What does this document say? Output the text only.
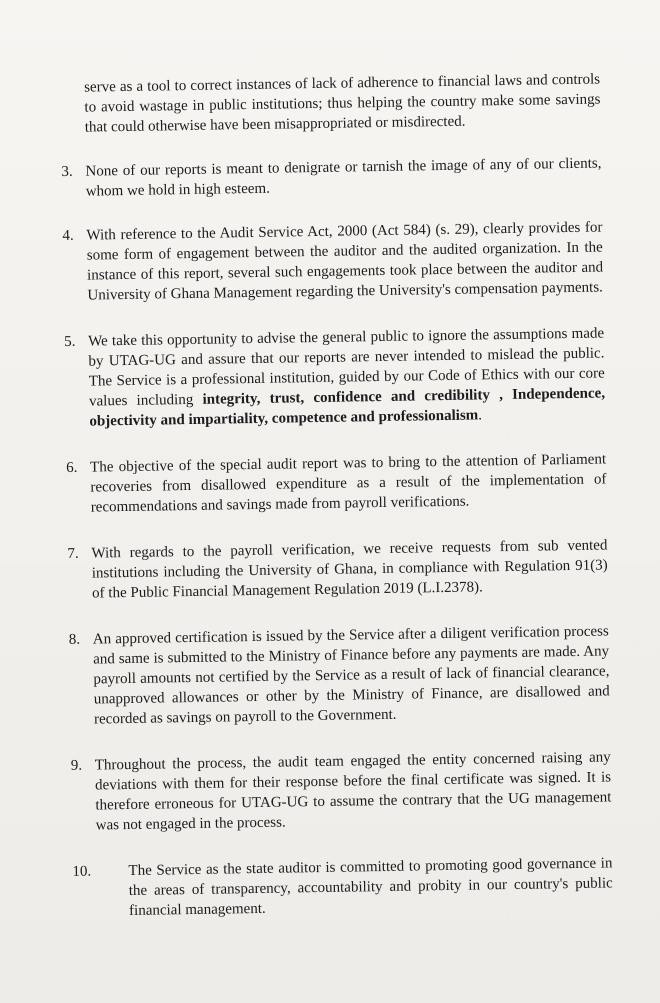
serve as a tool to correct instances of lack of adherence to financial laws and controls to avoid wastage in public institutions; thus helping the country make some savings that could otherwise have been misappropriated or misdirected.

3. None of our reports is meant to denigrate or tarnish the image of any of our clients, whom we hold in high esteem.
4. With reference to the Audit Service Act, 2000 (Act 584) (s. 29), clearly provides for some form of engagement between the auditor and the audited organization. In the instance of this report, several such engagements took place between the auditor and University of Ghana Management regarding the University's compensation payments.
5. We take this opportunity to advise the general public to ignore the assumptions made by UTAG-UG and assure that our reports are never intended to mislead the public. The Service is a professional institution, guided by our Code of Ethics with our core values including integrity, trust, confidence and credibility , Independence, objectivity and impartiality, competence and professionalism.
6. The objective of the special audit report was to bring to the attention of Parliament recoveries from disallowed expenditure as a result of the implementation of recommendations and savings made from payroll verifications.
7. With regards to the payroll verification, we receive requests from sub vented institutions including the University of Ghana, in compliance with Regulation 91(3) of the Public Financial Management Regulation 2019 (L.I.2378).
8. An approved certification is issued by the Service after a diligent verification process and same is submitted to the Ministry of Finance before any payments are made. Any payroll amounts not certified by the Service as a result of lack of financial clearance, unapproved allowances or other by the Ministry of Finance, are disallowed and recorded as savings on payroll to the Government.
9. Throughout the process, the audit team engaged the entity concerned raising any deviations with them for their response before the final certificate was signed. It is therefore erroneous for UTAG-UG to assume the contrary that the UG management was not engaged in the process.
10.	The Service as the state auditor is committed to promoting good governance in the areas of transparency, accountability and probity in our country's public financial management.
